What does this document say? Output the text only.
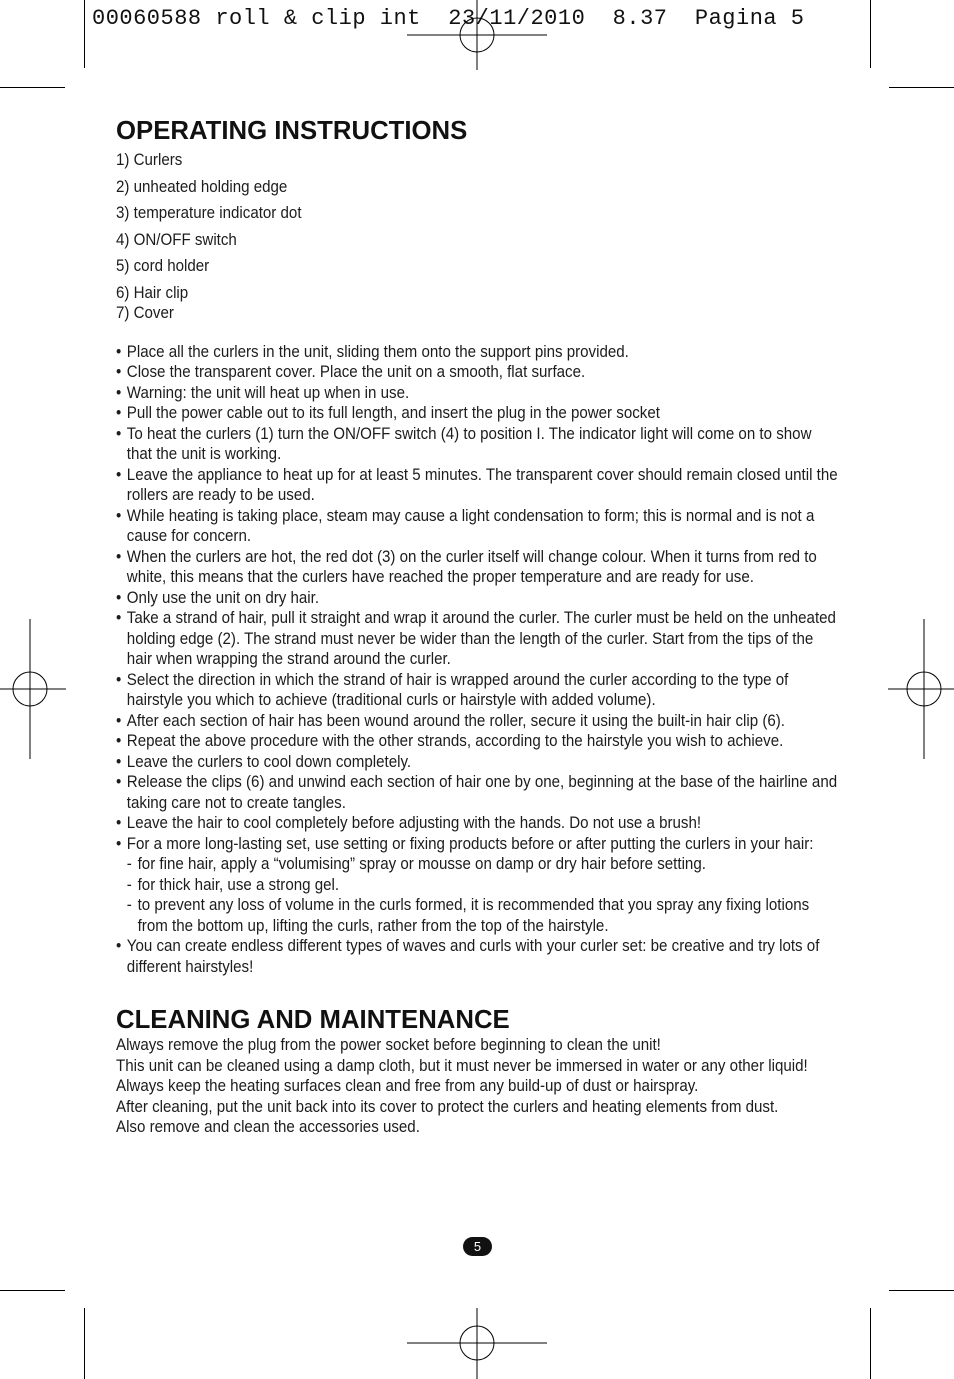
00060588 roll & clip int  23/11/2010  8.37  Pagina 5
OPERATING INSTRUCTIONS
1) Curlers
2) unheated holding edge
3) temperature indicator dot
4) ON/OFF switch
5) cord holder
6) Hair clip
7) Cover
• Place all the curlers in the unit, sliding them onto the support pins provided.
• Close the transparent cover. Place the unit on a smooth, flat surface.
• Warning: the unit will heat up when in use.
• Pull the power cable out to its full length, and insert the plug in the power socket
• To heat the curlers (1) turn the ON/OFF switch (4) to position I. The indicator light will come on to show that the unit is working.
• Leave the appliance to heat up for at least 5 minutes. The transparent cover should remain closed until the rollers are ready to be used.
• While heating is taking place, steam may cause a light condensation to form; this is normal and is not a cause for concern.
• When the curlers are hot, the red dot (3) on the curler itself will change colour. When it turns from red to white, this means that the curlers have reached the proper temperature and are ready for use.
• Only use the unit on dry hair.
• Take a strand of hair, pull it straight and wrap it around the curler. The curler must be held on the unheated holding edge (2). The strand must never be wider than the length of the curler. Start from the tips of the hair when wrapping the strand around the curler.
• Select the direction in which the strand of hair is wrapped around the curler according to the type of hairstyle you which to achieve (traditional curls or hairstyle with added volume).
• After each section of hair has been wound around the roller, secure it using the built-in hair clip (6).
• Repeat the above procedure with the other strands, according to the hairstyle you wish to achieve.
• Leave the curlers to cool down completely.
• Release the clips (6) and unwind each section of hair one by one, beginning at the base of the hairline and taking care not to create tangles.
• Leave the hair to cool completely before adjusting with the hands. Do not use a brush!
• For a more long-lasting set, use setting or fixing products before or after putting the curlers in your hair:
- for fine hair, apply a “volumising” spray or mousse on damp or dry hair before setting.
- for thick hair, use a strong gel.
- to prevent any loss of volume in the curls formed, it is recommended that you spray any fixing lotions from the bottom up, lifting the curls, rather from the top of the hairstyle.
• You can create endless different types of waves and curls with your curler set: be creative and try lots of different hairstyles!
CLEANING AND MAINTENANCE

Always remove the plug from the power socket before beginning to clean the unit!

This unit can be cleaned using a damp cloth, but it must never be immersed in water or any other liquid!

Always keep the heating surfaces clean and free from any build-up of dust or hairspray.

After cleaning, put the unit back into its cover to protect the curlers and heating elements from dust.

Also remove and clean the accessories used.

5
